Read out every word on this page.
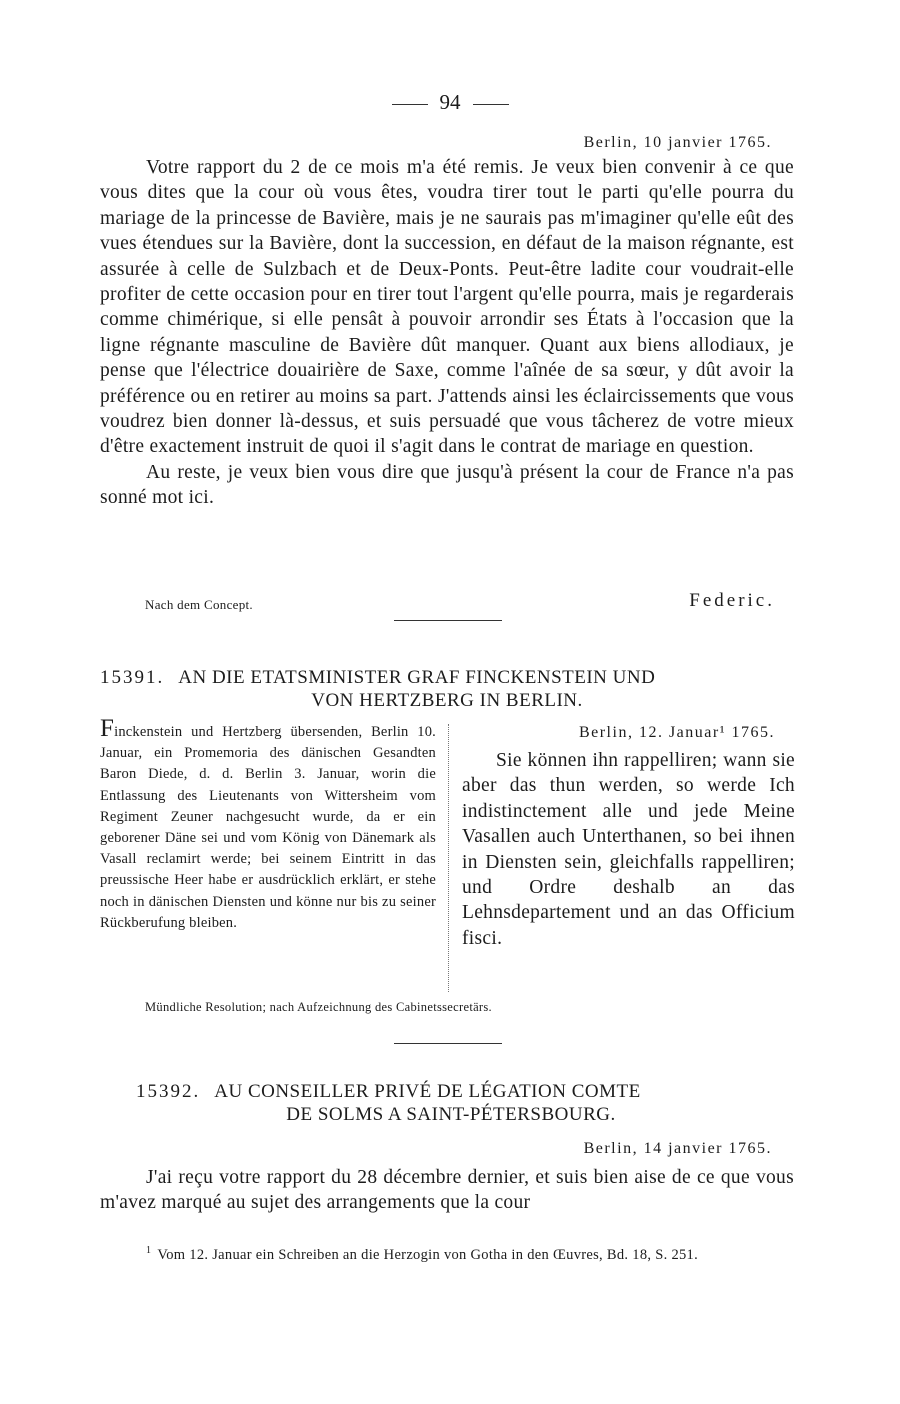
94
Berlin, 10 janvier 1765.

Votre rapport du 2 de ce mois m'a été remis. Je veux bien convenir à ce que vous dites que la cour où vous êtes, voudra tirer tout le parti qu'elle pourra du mariage de la princesse de Bavière, mais je ne saurais pas m'imaginer qu'elle eût des vues étendues sur la Bavière, dont la succession, en défaut de la maison régnante, est assurée à celle de Sulzbach et de Deux-Ponts. Peut-être ladite cour voudrait-elle profiter de cette occasion pour en tirer tout l'argent qu'elle pourra, mais je regarderais comme chimérique, si elle pensât à pouvoir arrondir ses États à l'occasion que la ligne régnante masculine de Bavière dût manquer. Quant aux biens allodiaux, je pense que l'électrice douairière de Saxe, comme l'aînée de sa sœur, y dût avoir la préférence ou en retirer au moins sa part. J'attends ainsi les éclaircissements que vous voudrez bien donner là-dessus, et suis persuadé que vous tâcherez de votre mieux d'être exactement instruit de quoi il s'agit dans le contrat de mariage en question.

Au reste, je veux bien vous dire que jusqu'à présent la cour de France n'a pas sonné mot ici.

Nach dem Concept.	Federic.
15391. AN DIE ETATSMINISTER GRAF FINCKENSTEIN UND
VON HERTZBERG IN BERLIN.
Finckenstein und Hertzberg übersenden, Berlin 10. Januar, ein Promemoria des dänischen Gesandten Baron Diede, d. d. Berlin 3. Januar, worin die Entlassung des Lieutenants von Wittersheim vom Regiment Zeuner nachgesucht wurde, da er ein geborener Däne sei und vom König von Dänemark als Vasall reclamirt werde; bei seinem Eintritt in das preussische Heer habe er ausdrücklich erklärt, er stehe noch in dänischen Diensten und könne nur bis zu seiner Rückberufung bleiben.
Berlin, 12. Januar¹ 1765.
Sie können ihn rappelliren; wann sie aber das thun werden, so werde Ich indistinctement alle und jede Meine Vasallen auch Unterthanen, so bei ihnen in Diensten sein, gleichfalls rappelliren; und Ordre deshalb an das Lehnsdepartement und an das Officium fisci.
Mündliche Resolution; nach Aufzeichnung des Cabinetssecretärs.
15392. AU CONSEILLER PRIVÉ DE LÉGATION COMTE
DE SOLMS A SAINT-PÉTERSBOURG.
Berlin, 14 janvier 1765.

J'ai reçu votre rapport du 28 décembre dernier, et suis bien aise de ce que vous m'avez marqué au sujet des arrangements que la cour

$^1$ Vom 12. Januar ein Schreiben an die Herzogin von Gotha in den Œuvres, Bd. 18, S. 251.
